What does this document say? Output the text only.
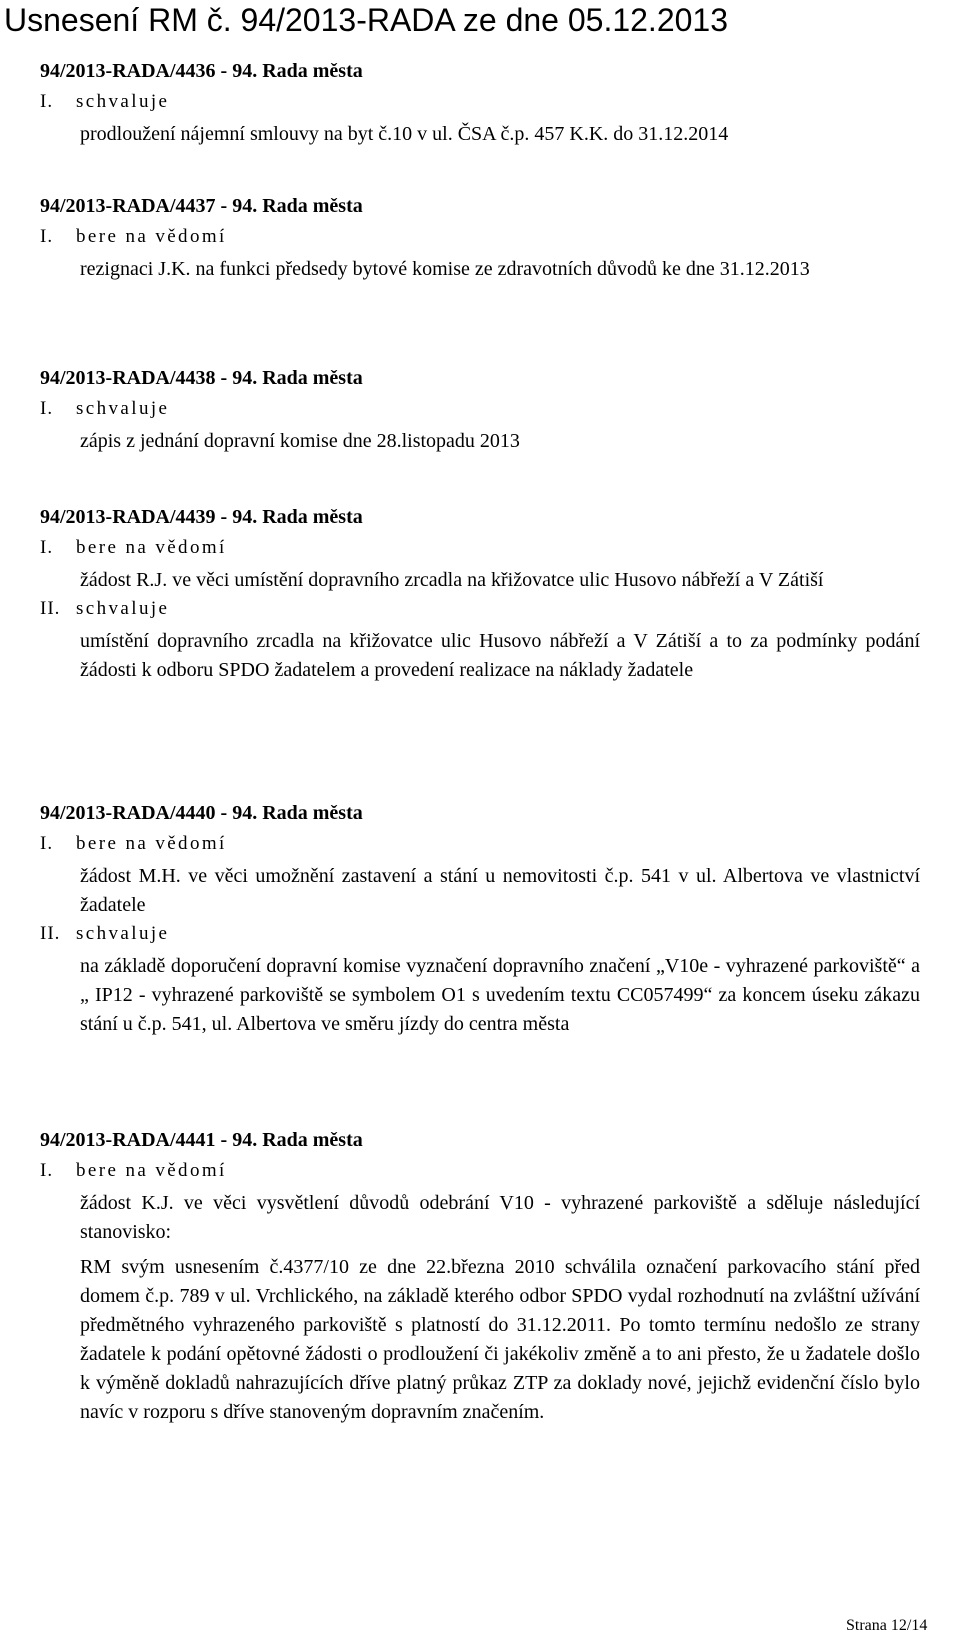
Usnesení RM č. 94/2013-RADA ze dne 05.12.2013
94/2013-RADA/4436 - 94. Rada města
I. schvaluje
prodloužení nájemní smlouvy na byt č.10 v ul. ČSA č.p. 457 K.K. do 31.12.2014
94/2013-RADA/4437 - 94. Rada města
I. bere na vědomí
rezignaci J.K. na funkci předsedy bytové komise ze zdravotních důvodů ke dne 31.12.2013
94/2013-RADA/4438 - 94. Rada města
I. schvaluje
zápis z jednání dopravní komise dne 28.listopadu 2013
94/2013-RADA/4439 - 94. Rada města
I. bere na vědomí
žádost R.J. ve věci umístění dopravního zrcadla na křižovatce ulic Husovo nábřeží a V Zátiší
II. schvaluje
umístění dopravního zrcadla na křižovatce ulic Husovo nábřeží a V Zátiší a to za podmínky podání žádosti k odboru SPDO žadatelem a provedení realizace na náklady žadatele
94/2013-RADA/4440 - 94. Rada města
I. bere na vědomí
žádost M.H. ve věci umožnění zastavení a stání u nemovitosti č.p. 541 v ul. Albertova ve vlastnictví žadatele
II. schvaluje
na základě doporučení dopravní komise vyznačení dopravního značení „V10e - vyhrazené parkoviště“ a „ IP12 - vyhrazené parkoviště se symbolem O1 s uvedením textu CC057499“ za koncem úseku zákazu stání u č.p. 541, ul. Albertova ve směru jízdy do centra města
94/2013-RADA/4441 - 94. Rada města
I. bere na vědomí
žádost K.J. ve věci vysvětlení důvodů odebrání V10 - vyhrazené parkoviště a sděluje následující stanovisko:
RM svým usnesením č.4377/10 ze dne 22.března 2010 schválila označení parkovacího stání před domem č.p. 789 v ul. Vrchlického, na základě kterého odbor SPDO vydal rozhodnutí na zvláštní užívání předmětného vyhrazeného parkoviště s platností do 31.12.2011. Po tomto termínu nedošlo ze strany žadatele k podání opětovné žádosti o prodloužení či jakékoliv změně a to ani přesto, že u žadatele došlo k výměně dokladů nahrazujících dříve platný průkaz ZTP za doklady nové, jejichž evidenční číslo bylo navíc v rozporu s dříve stanoveným dopravním značením.
Strana 12/14
